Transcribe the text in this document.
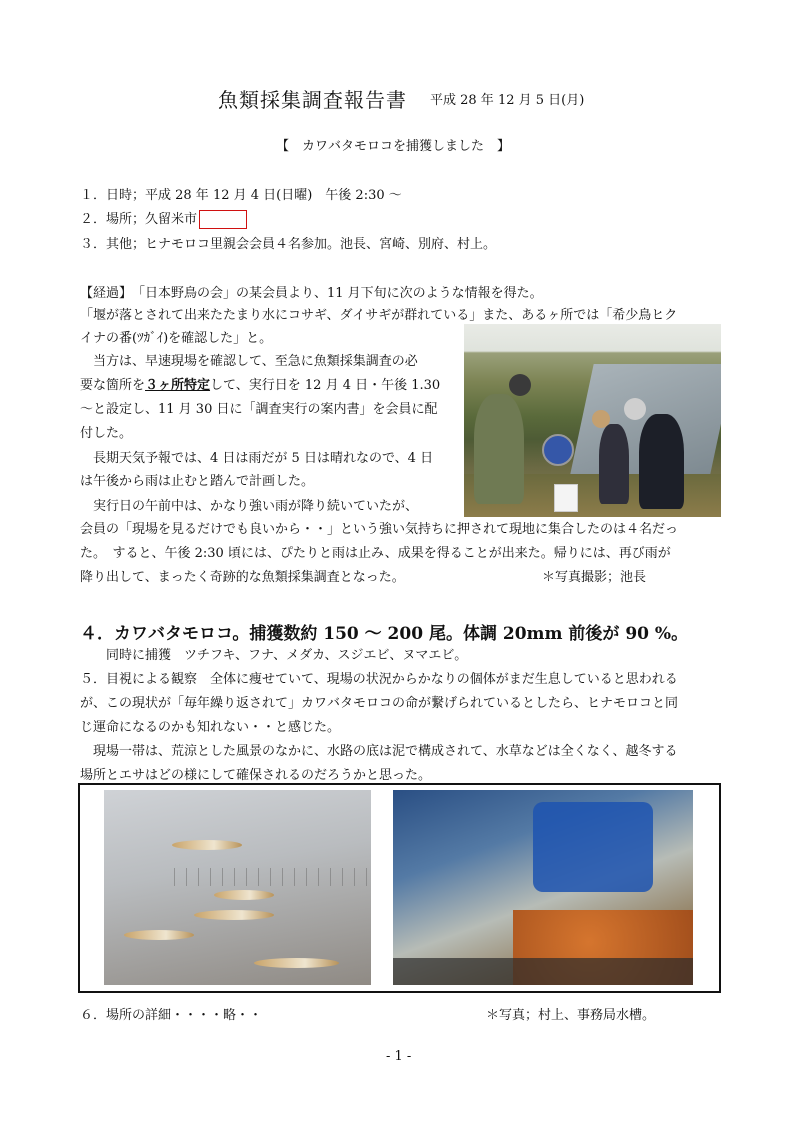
魚類採集調査報告書 平成 28 年 12 月 5 日(月)
【　カワバタモロコを捕獲しました　】
１．日時；平成 28 年 12 月 4 日(日曜)　午後 2:30 ～
２．場所；久留米市
３．其他；ヒナモロコ里親会会員４名参加。池長、宮崎、別府、村上。
【経過】　「日本野鳥の会」の某会員より、11 月下旬に次のような情報を得た。
「堰が落とされて出来たたまり水にコサギ、ダイサギが群れている」また、あるヶ所では「希少鳥ヒク
イナの番(ﾂｶﾞｲ)を確認した」と。
　当方は、早速現場を確認して、至急に魚類採集調査の必
要な箇所を３ヶ所特定して、実行日を 12 月 4 日・午後 1.30
～と設定し、11 月 30 日に「調査実行の案内書」を会員に配
付した。
　長期天気予報では、4 日は雨だが 5 日は晴れなので、4 日
は午後から雨は止むと踏んで計画した。
　実行日の午前中は、かなり強い雨が降り続いていたが、
会員の「現場を見るだけでも良いから・・」という強い気持ちに押されて現地に集合したのは４名だっ
た。　すると、午後 2:30 頃には、ぴたりと雨は止み、成果を得ることが出来た。帰りには、再び雨が
降り出して、まったく奇跡的な魚類採集調査となった。	＊写真撮影；池長
４．カワバタモロコ。捕獲数約 150 ～ 200 尾。体調 20mm 前後が 90 %。
　　同時に捕獲　ツチフキ、フナ、メダカ、スジエビ、ヌマエビ。
５．目視による観察　全体に痩せていて、現場の状況からかなりの個体がまだ生息していると思われる
が、この現状が「毎年繰り返されて」カワバタモロコの命が繋げられているとしたら、ヒナモロコと同
じ運命になるのかも知れない・・と感じた。
　現場一帯は、荒涼とした風景のなかに、水路の底は泥で構成されて、水草などは全くなく、越冬する
場所とエサはどの様にして確保されるのだろうかと思った。
６．場所の詳細・・・・略・・	＊写真；村上、事務局水槽。
- 1 -
